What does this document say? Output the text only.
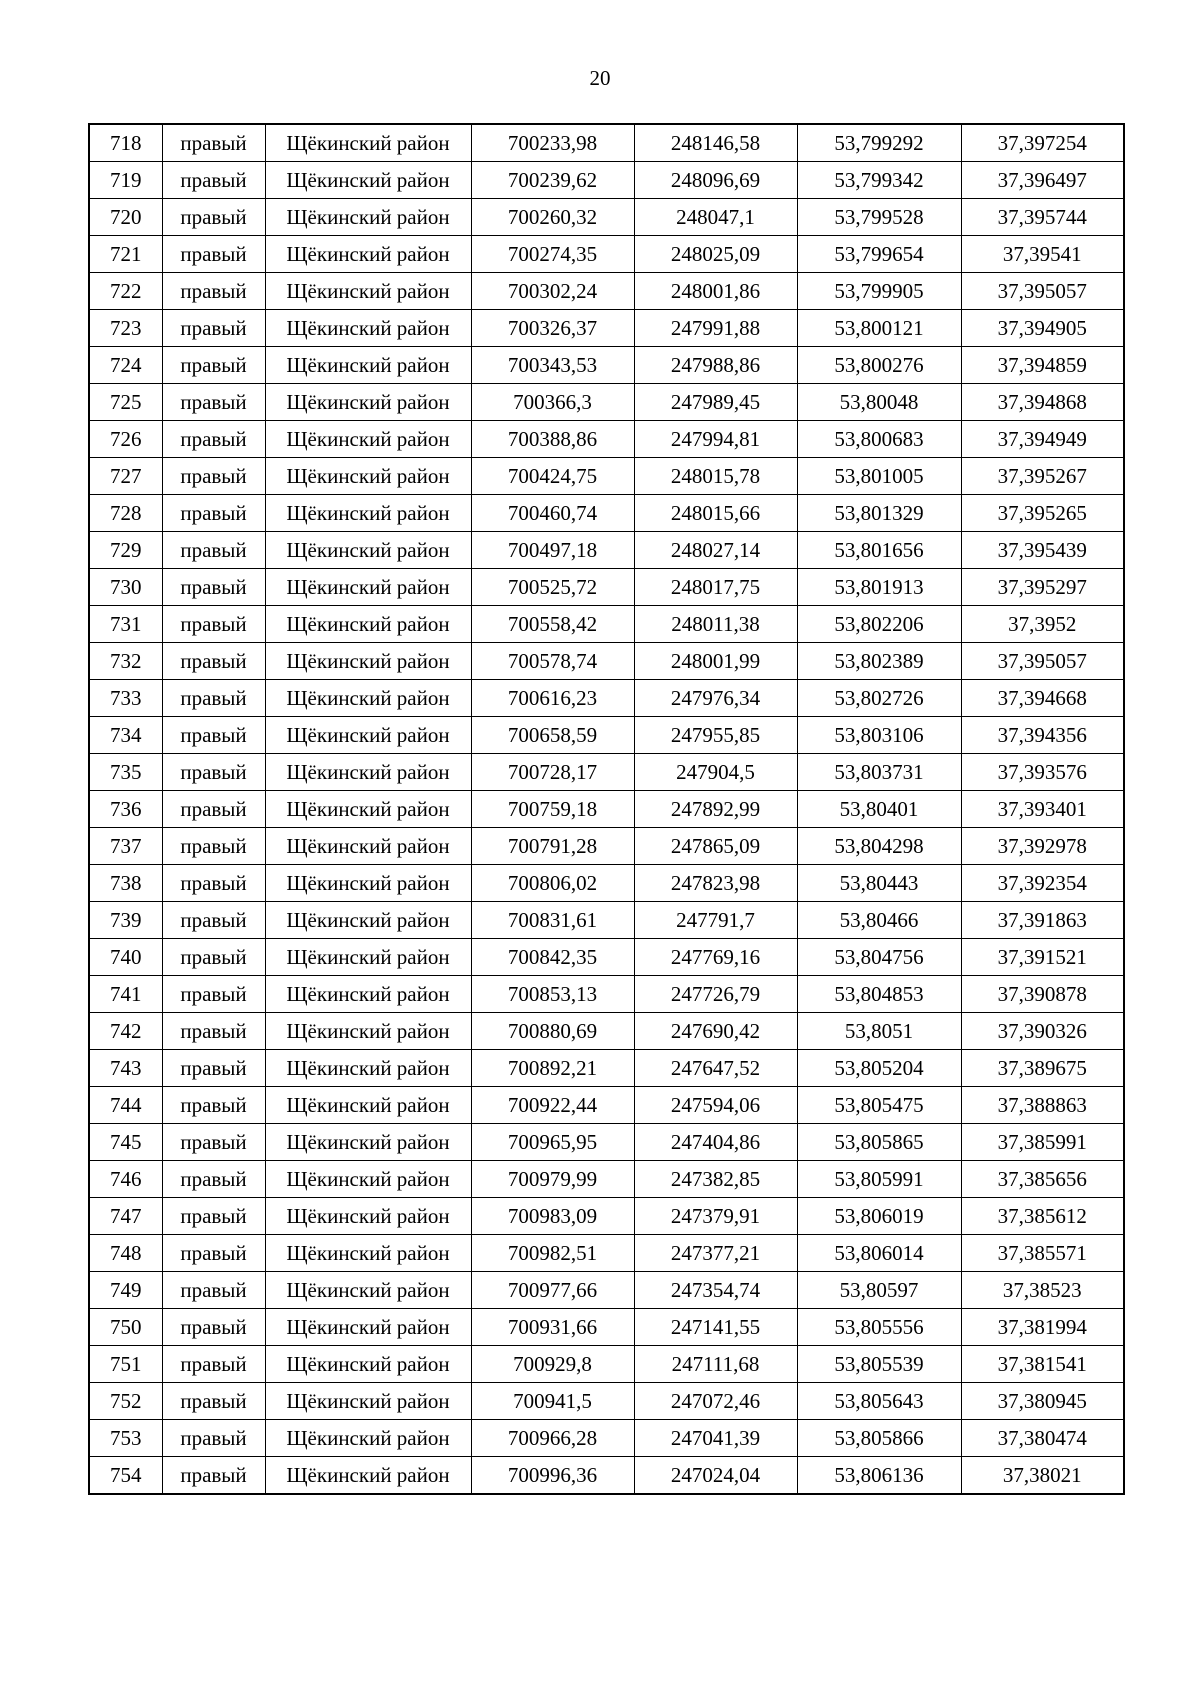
20
718	правый	Щёкинский район	700233,98	248146,58	53,799292	37,397254
719	правый	Щёкинский район	700239,62	248096,69	53,799342	37,396497
720	правый	Щёкинский район	700260,32	248047,1	53,799528	37,395744
721	правый	Щёкинский район	700274,35	248025,09	53,799654	37,39541
722	правый	Щёкинский район	700302,24	248001,86	53,799905	37,395057
723	правый	Щёкинский район	700326,37	247991,88	53,800121	37,394905
724	правый	Щёкинский район	700343,53	247988,86	53,800276	37,394859
725	правый	Щёкинский район	700366,3	247989,45	53,80048	37,394868
726	правый	Щёкинский район	700388,86	247994,81	53,800683	37,394949
727	правый	Щёкинский район	700424,75	248015,78	53,801005	37,395267
728	правый	Щёкинский район	700460,74	248015,66	53,801329	37,395265
729	правый	Щёкинский район	700497,18	248027,14	53,801656	37,395439
730	правый	Щёкинский район	700525,72	248017,75	53,801913	37,395297
731	правый	Щёкинский район	700558,42	248011,38	53,802206	37,3952
732	правый	Щёкинский район	700578,74	248001,99	53,802389	37,395057
733	правый	Щёкинский район	700616,23	247976,34	53,802726	37,394668
734	правый	Щёкинский район	700658,59	247955,85	53,803106	37,394356
735	правый	Щёкинский район	700728,17	247904,5	53,803731	37,393576
736	правый	Щёкинский район	700759,18	247892,99	53,80401	37,393401
737	правый	Щёкинский район	700791,28	247865,09	53,804298	37,392978
738	правый	Щёкинский район	700806,02	247823,98	53,80443	37,392354
739	правый	Щёкинский район	700831,61	247791,7	53,80466	37,391863
740	правый	Щёкинский район	700842,35	247769,16	53,804756	37,391521
741	правый	Щёкинский район	700853,13	247726,79	53,804853	37,390878
742	правый	Щёкинский район	700880,69	247690,42	53,8051	37,390326
743	правый	Щёкинский район	700892,21	247647,52	53,805204	37,389675
744	правый	Щёкинский район	700922,44	247594,06	53,805475	37,388863
745	правый	Щёкинский район	700965,95	247404,86	53,805865	37,385991
746	правый	Щёкинский район	700979,99	247382,85	53,805991	37,385656
747	правый	Щёкинский район	700983,09	247379,91	53,806019	37,385612
748	правый	Щёкинский район	700982,51	247377,21	53,806014	37,385571
749	правый	Щёкинский район	700977,66	247354,74	53,80597	37,38523
750	правый	Щёкинский район	700931,66	247141,55	53,805556	37,381994
751	правый	Щёкинский район	700929,8	247111,68	53,805539	37,381541
752	правый	Щёкинский район	700941,5	247072,46	53,805643	37,380945
753	правый	Щёкинский район	700966,28	247041,39	53,805866	37,380474
754	правый	Щёкинский район	700996,36	247024,04	53,806136	37,38021
